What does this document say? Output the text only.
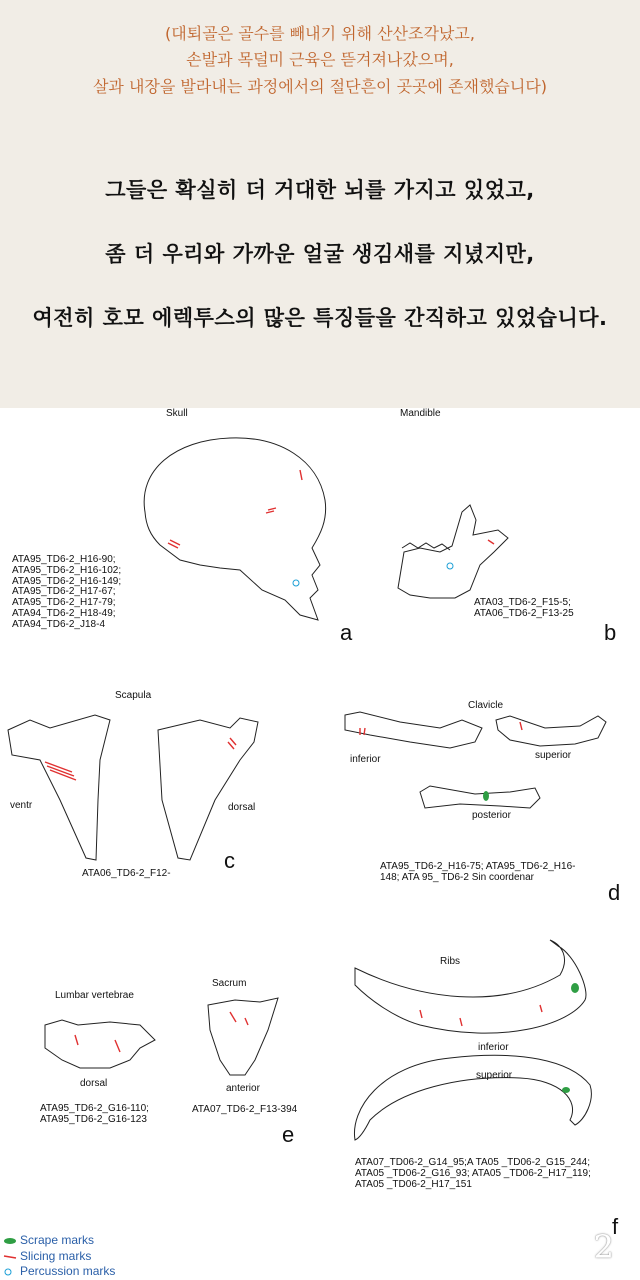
(대퇴골은 골수를 빼내기 위해 산산조각났고,
손발과 목덜미 근육은 뜯겨져나갔으며,
살과 내장을 발라내는 과정에서의 절단흔이 곳곳에 존재했습니다)
그들은 확실히 더 거대한 뇌를 가지고 있었고,
좀 더 우리와 가까운 얼굴 생김새를 지녔지만,
여전히 호모 에렉투스의 많은 특징들을 간직하고 있었습니다.
Skull
ATA95_TD6-2_H16-90;
ATA95_TD6-2_H16-102;
ATA95_TD6-2_H16-149;
ATA95_TD6-2_H17-67;
ATA95_TD6-2_H17-79;
ATA94_TD6-2_H18-49;
ATA94_TD6-2_J18-4	a
Mandible
ATA03_TD6-2_F15-5;
ATA06_TD6-2_F13-25
b
Scapula
ventr	dorsal
ATA06_TD6-2_F12-
c
Clavicle
inferior	superior
posterior
ATA95_TD6-2_H16-75; ATA95_TD6-2_H16-
148; ATA 95_ TD6-2 Sin coordenar
d
Lumbar vertebrae
dorsal
ATA95_TD6-2_G16-110;
ATA95_TD6-2_G16-123
Sacrum
anterior
ATA07_TD6-2_F13-394
e
Ribs
inferior
superior
ATA07_TD06-2_G14_95;A TA05 _TD06-2_G15_244;
ATA05 _TD06-2_G16_93; ATA05 _TD06-2_H17_119;
ATA05 _TD06-2_H17_151
f
Scrape marks
Slicing marks
Percussion marks
2
